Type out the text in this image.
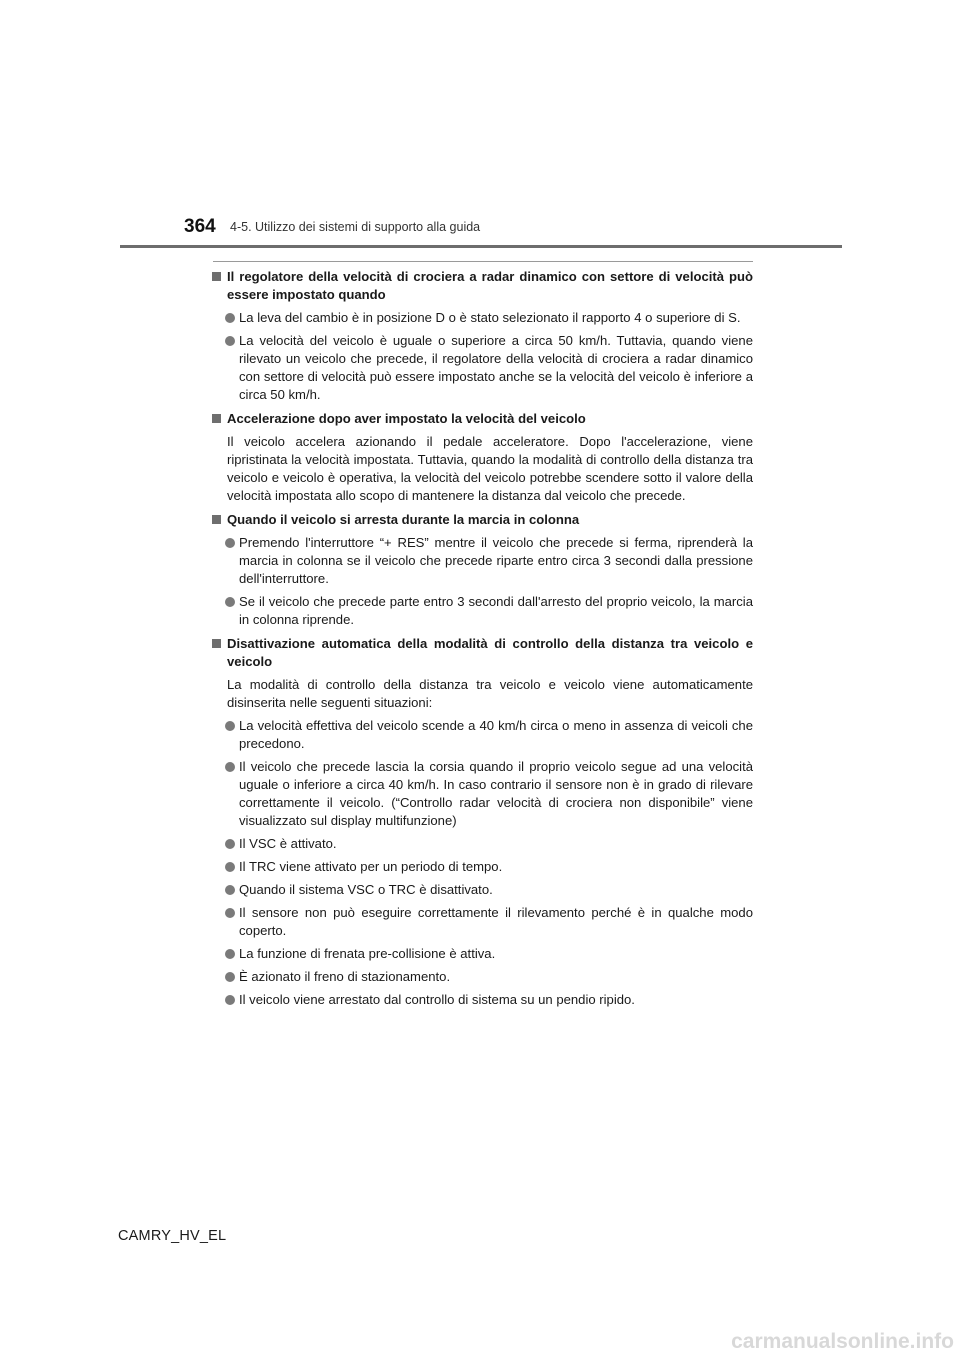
364 4-5. Utilizzo dei sistemi di supporto alla guida
Il regolatore della velocità di crociera a radar dinamico con settore di velocità può essere impostato quando
La leva del cambio è in posizione D o è stato selezionato il rapporto 4 o superiore di S.
La velocità del veicolo è uguale o superiore a circa 50 km/h. Tuttavia, quando viene rilevato un veicolo che precede, il regolatore della velocità di crociera a radar dinamico con settore di velocità può essere impostato anche se la velocità del veicolo è inferiore a circa 50 km/h.
Accelerazione dopo aver impostato la velocità del veicolo
Il veicolo accelera azionando il pedale acceleratore. Dopo l'accelerazione, viene ripristinata la velocità impostata. Tuttavia, quando la modalità di controllo della distanza tra veicolo e veicolo è operativa, la velocità del veicolo potrebbe scendere sotto il valore della velocità impostata allo scopo di mantenere la distanza dal veicolo che precede.
Quando il veicolo si arresta durante la marcia in colonna
Premendo l'interruttore “+ RES” mentre il veicolo che precede si ferma, riprenderà la marcia in colonna se il veicolo che precede riparte entro circa 3 secondi dalla pressione dell'interruttore.
Se il veicolo che precede parte entro 3 secondi dall'arresto del proprio veicolo, la marcia in colonna riprende.
Disattivazione automatica della modalità di controllo della distanza tra veicolo e veicolo
La modalità di controllo della distanza tra veicolo e veicolo viene automaticamente disinserita nelle seguenti situazioni:
La velocità effettiva del veicolo scende a 40 km/h circa o meno in assenza di veicoli che precedono.
Il veicolo che precede lascia la corsia quando il proprio veicolo segue ad una velocità uguale o inferiore a circa 40 km/h. In caso contrario il sensore non è in grado di rilevare correttamente il veicolo. (“Controllo radar velocità di crociera non disponibile” viene visualizzato sul display multifunzione)
Il VSC è attivato.
Il TRC viene attivato per un periodo di tempo.
Quando il sistema VSC o TRC è disattivato.
Il sensore non può eseguire correttamente il rilevamento perché è in qualche modo coperto.
La funzione di frenata pre-collisione è attiva.
È azionato il freno di stazionamento.
Il veicolo viene arrestato dal controllo di sistema su un pendio ripido.
CAMRY_HV_EL
carmanualsonline.info
